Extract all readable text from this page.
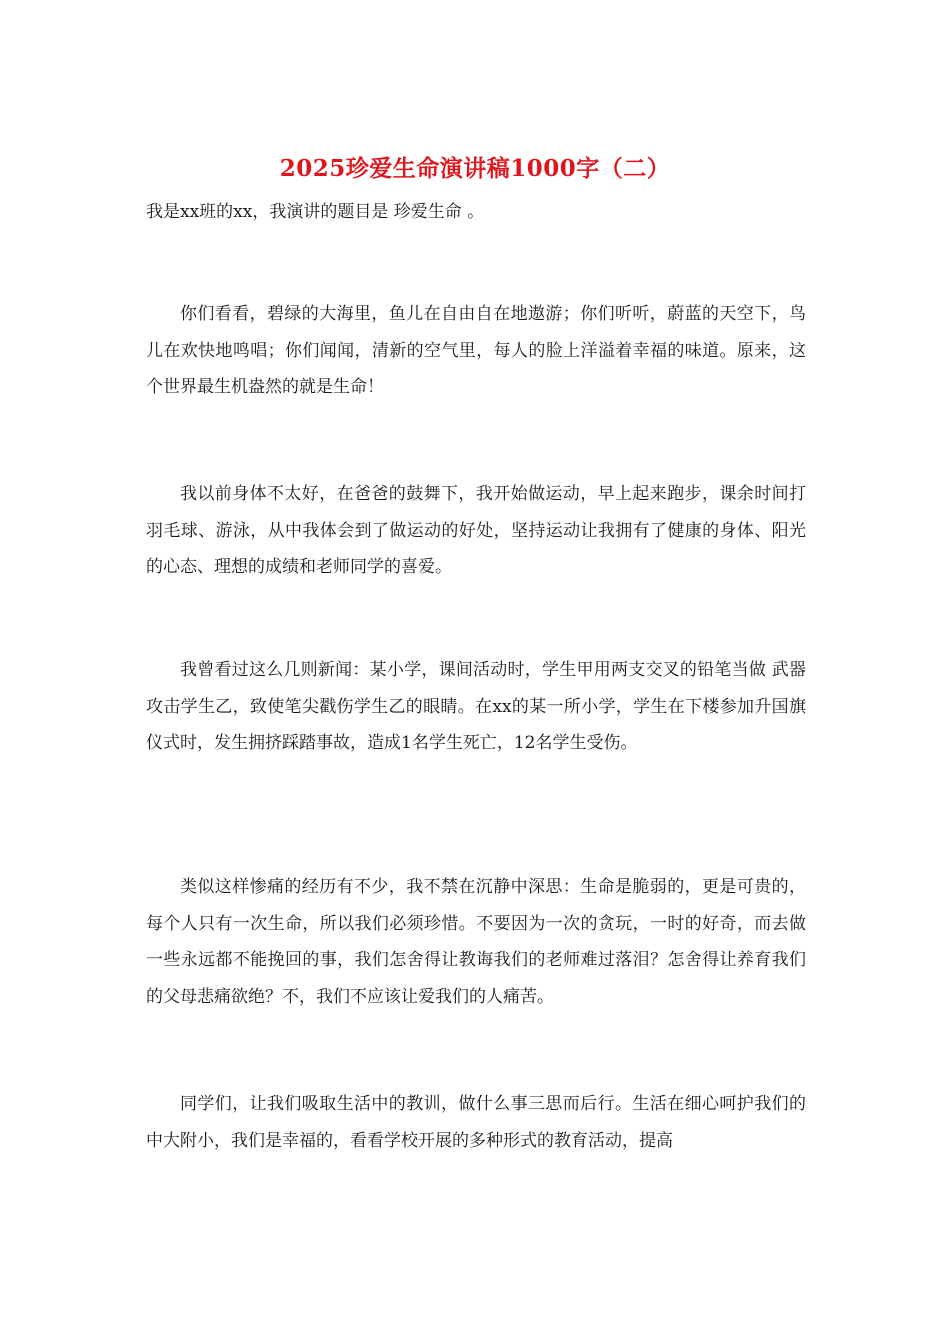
2025珍爱生命演讲稿1000字（二）
我是xx班的xx，我演讲的题目是 珍爱生命 。

你们看看，碧绿的大海里，鱼儿在自由自在地遨游；你们听听，蔚蓝的天空下，鸟儿在欢快地鸣唱；你们闻闻，清新的空气里，每人的脸上洋溢着幸福的味道。原来，这个世界最生机盎然的就是生命！

我以前身体不太好，在爸爸的鼓舞下，我开始做运动，早上起来跑步，课余时间打羽毛球、游泳，从中我体会到了做运动的好处，坚持运动让我拥有了健康的身体、阳光的心态、理想的成绩和老师同学的喜爱。

我曾看过这么几则新闻：某小学，课间活动时，学生甲用两支交叉的铅笔当做 武器 攻击学生乙，致使笔尖戳伤学生乙的眼睛。在xx的某一所小学，学生在下楼参加升国旗仪式时，发生拥挤踩踏事故，造成1名学生死亡，12名学生受伤。

类似这样惨痛的经历有不少，我不禁在沉静中深思：生命是脆弱的，更是可贵的，每个人只有一次生命，所以我们必须珍惜。不要因为一次的贪玩，一时的好奇，而去做一些永远都不能挽回的事，我们怎舍得让教诲我们的老师难过落泪？怎舍得让养育我们的父母悲痛欲绝？不，我们不应该让爱我们的人痛苦。

同学们，让我们吸取生活中的教训，做什么事三思而后行。生活在细心呵护我们的中大附小，我们是幸福的，看看学校开展的多种形式的教育活动，提高
